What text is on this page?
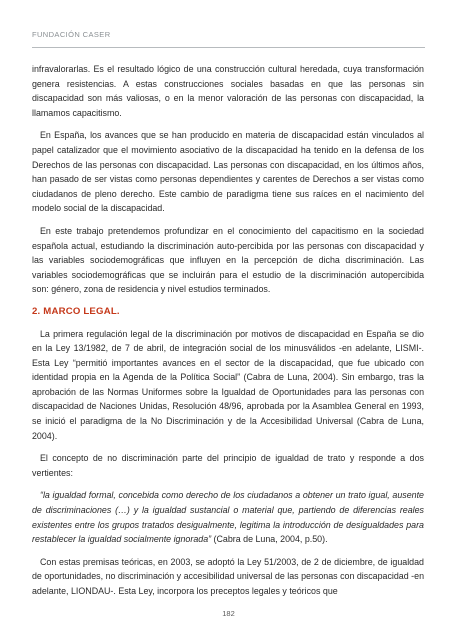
FUNDACIÓN CASER

infravalorarlas. Es el resultado lógico de una construcción cultural heredada, cuya transformación genera resistencias. A estas construcciones sociales basadas en que las personas sin discapacidad son más valiosas, o en la menor valoración de las personas con discapacidad, la llamamos capacitismo.

En España, los avances que se han producido en materia de discapacidad están vinculados al papel catalizador que el movimiento asociativo de la discapacidad ha tenido en la defensa de los Derechos de las personas con discapacidad. Las personas con discapacidad, en los últimos años, han pasado de ser vistas como personas dependientes y carentes de Derechos a ser vistas como ciudadanos de pleno derecho. Este cambio de paradigma tiene sus raíces en el nacimiento del modelo social de la discapacidad.

En este trabajo pretendemos profundizar en el conocimiento del capacitismo en la sociedad española actual, estudiando la discriminación auto-percibida por las personas con discapacidad y las variables sociodemográficas que influyen en la percepción de dicha discriminación. Las variables sociodemográficas que se incluirán para el estudio de la discriminación autopercibida son: género, zona de residencia y nivel estudios terminados.

2. MARCO LEGAL.

La primera regulación legal de la discriminación por motivos de discapacidad en España se dio en la Ley 13/1982, de 7 de abril, de integración social de los minusválidos -en adelante, LISMI-. Esta Ley “permitió importantes avances en el sector de la discapacidad, que fue ubicado con identidad propia en la Agenda de la Política Social” (Cabra de Luna, 2004). Sin embargo, tras la aprobación de las Normas Uniformes sobre la Igualdad de Oportunidades para las personas con discapacidad de Naciones Unidas, Resolución 48/96, aprobada por la Asamblea General en 1993, se inició el paradigma de la No Discriminación y de la Accesibilidad Universal (Cabra de Luna, 2004).

El concepto de no discriminación parte del principio de igualdad de trato y responde a dos vertientes:

“la igualdad formal, concebida como derecho de los ciudadanos a obtener un trato igual, ausente de discriminaciones (…) y la igualdad sustancial o material que, partiendo de diferencias reales existentes entre los grupos tratados desigualmente, legitima la introducción de desigualdades para restablecer la igualdad socialmente ignorada” (Cabra de Luna, 2004, p.50).

Con estas premisas teóricas, en 2003, se adoptó la Ley 51/2003, de 2 de diciembre, de igualdad de oportunidades, no discriminación y accesibilidad universal de las personas con discapacidad -en adelante, LIONDAU-. Esta Ley, incorpora los preceptos legales y teóricos que

182
